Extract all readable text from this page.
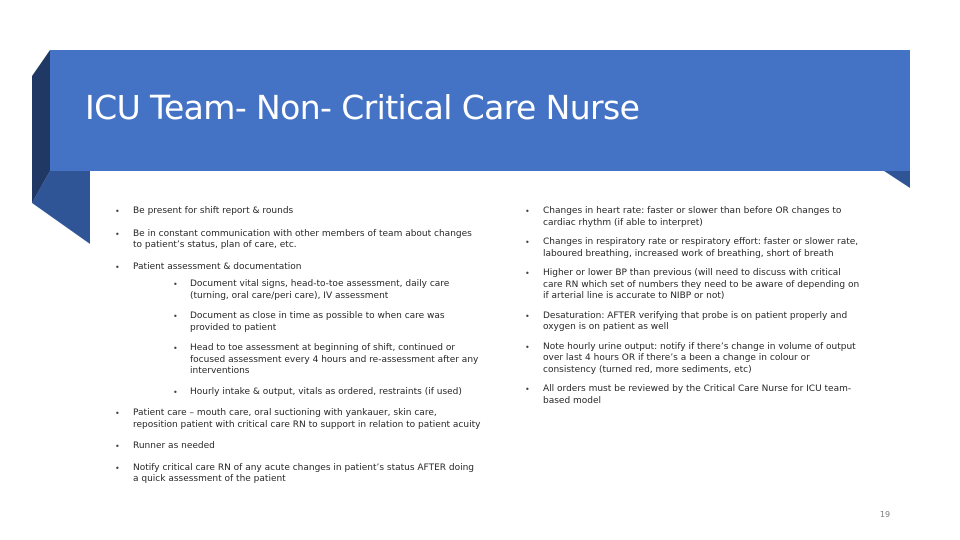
ICU Team- Non- Critical Care Nurse
• Be present for shift report & rounds
• Be in constant communication with other members of team about changes to patient’s status, plan of care, etc.
• Patient assessment & documentation
• Document vital signs, head-to-toe assessment, daily care (turning, oral care/peri care), IV assessment
• Document as close in time as possible to when care was provided to patient
• Head to toe assessment at beginning of shift, continued or focused assessment every 4 hours and re-assessment after any interventions
• Hourly intake & output, vitals as ordered, restraints (if used)
• Patient care – mouth care, oral suctioning with yankauer, skin care, reposition patient with critical care RN to support in relation to patient acuity
• Runner as needed
• Notify critical care RN of any acute changes in patient’s status AFTER doing a quick assessment of the patient
• Changes in heart rate: faster or slower than before OR changes to cardiac rhythm (if able to interpret)
• Changes in respiratory rate or respiratory effort: faster or slower rate, laboured breathing, increased work of breathing, short of breath
• Higher or lower BP than previous (will need to discuss with critical care RN which set of numbers they need to be aware of depending on if arterial line is accurate to NIBP or not)
• Desaturation: AFTER verifying that probe is on patient properly and oxygen is on patient as well
• Note hourly urine output: notify if there’s change in volume of output over last 4 hours OR if there’s a been a change in colour or consistency (turned red, more sediments, etc)
• All orders must be reviewed by the Critical Care Nurse for ICU team-based model
19
